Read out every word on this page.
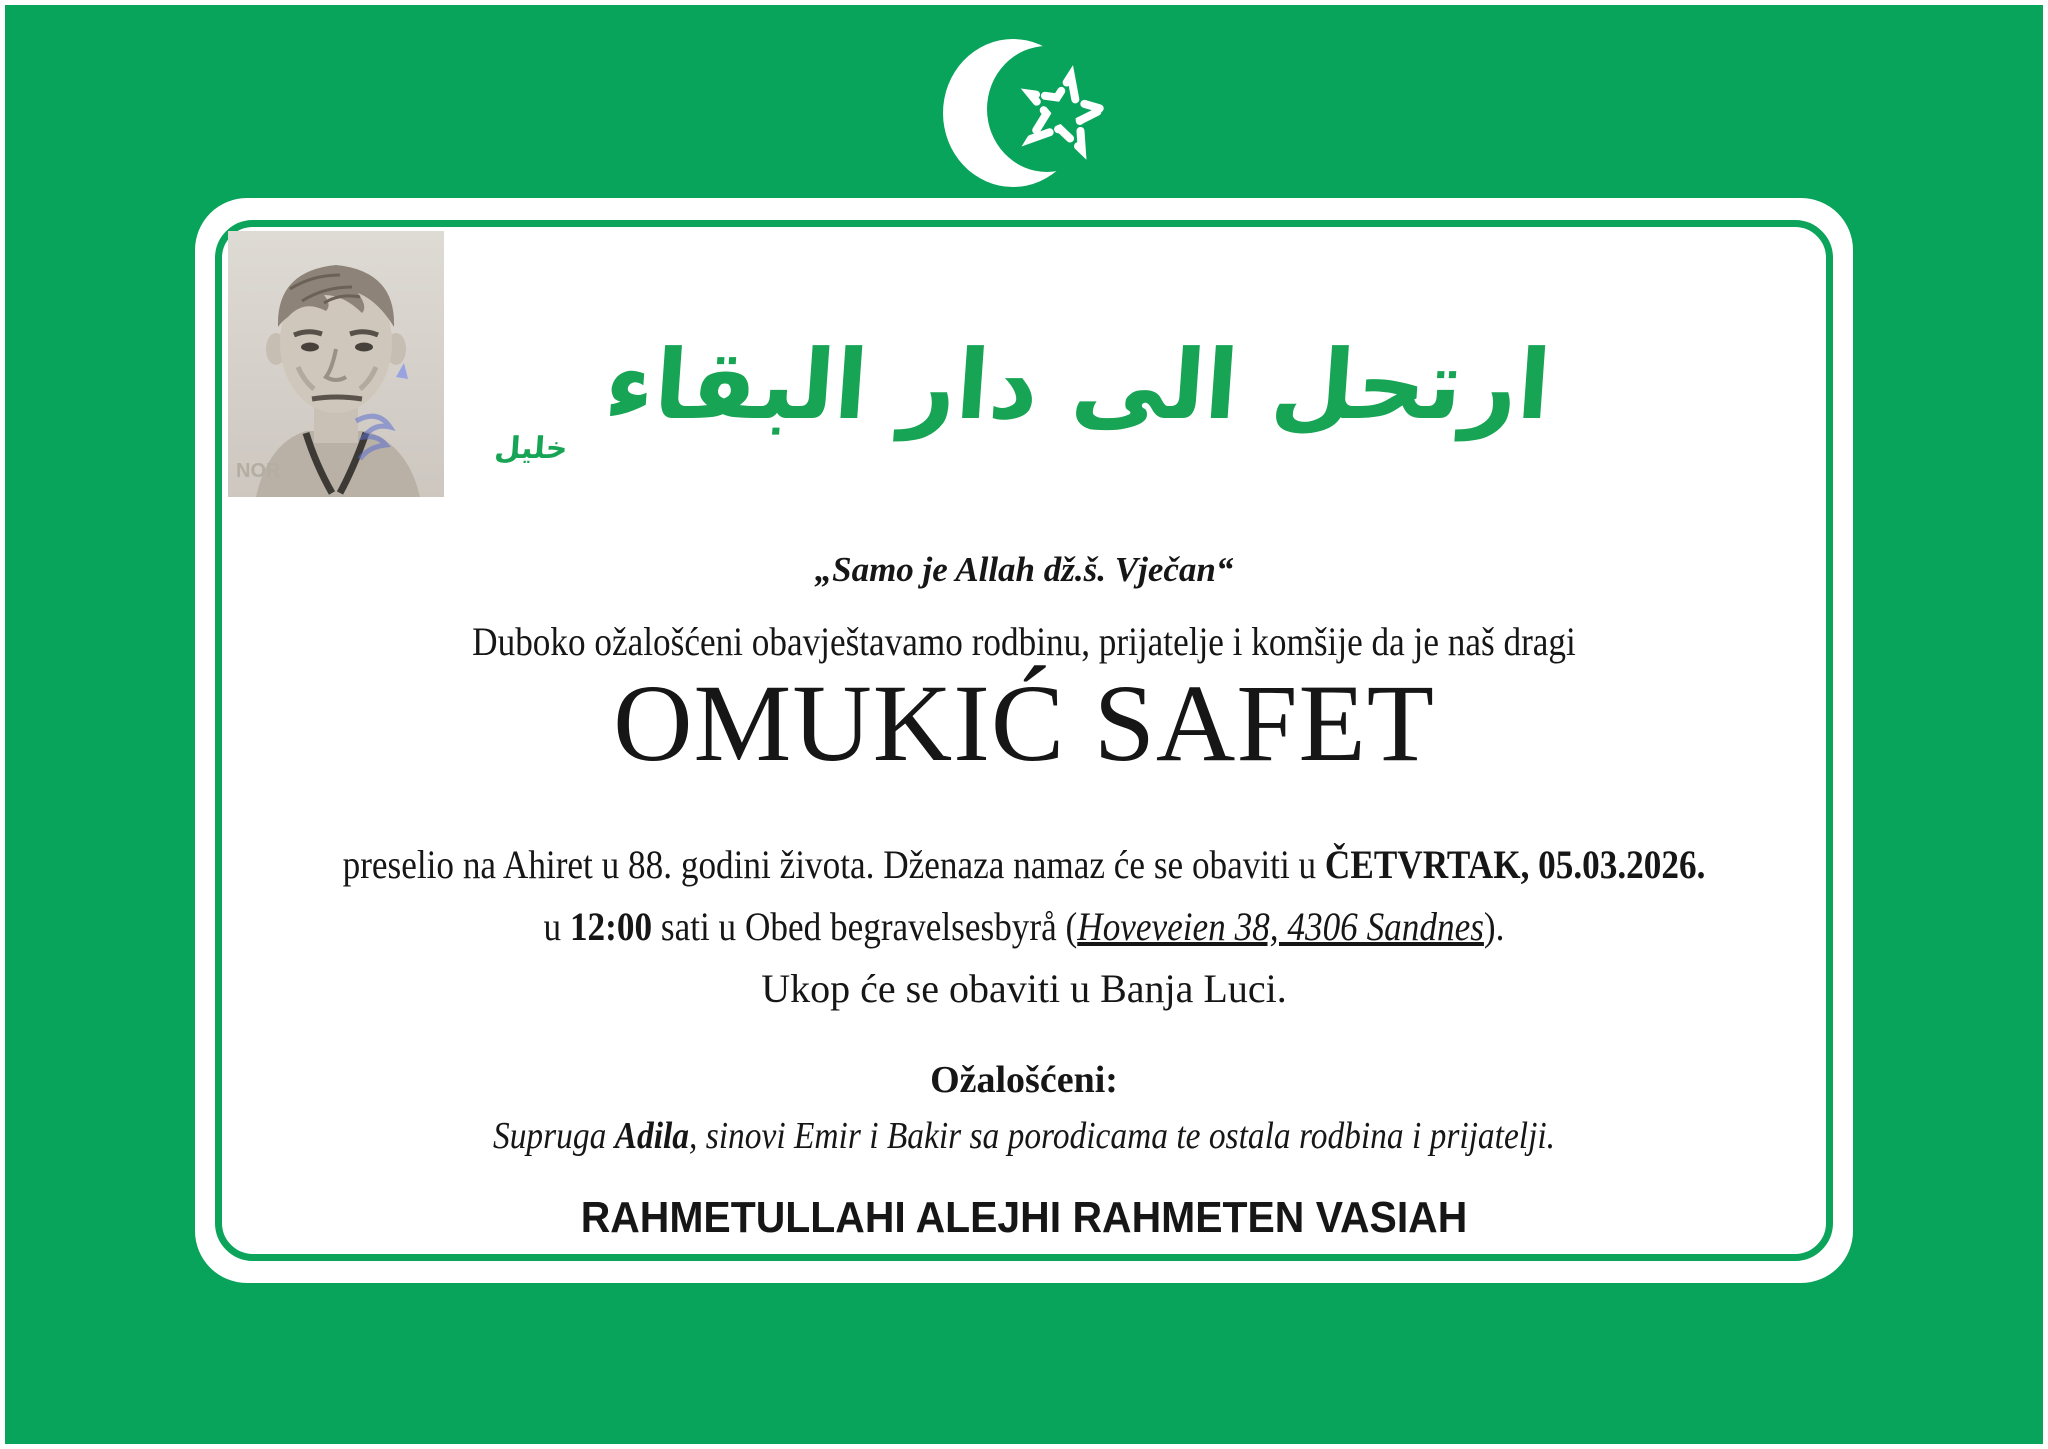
NOR
ارتحل الى دار البقاء $_{خليل}$
„Samo je Allah dž.š. Vječan“
Duboko ožalošćeni obavještavamo rodbinu, prijatelje i komšije da je naš dragi
OMUKIĆ SAFET
preselio na Ahiret u 88. godini života. Dženaza namaz će se obaviti u ČETVRTAK, 05.03.2026.
u 12:00 sati u Obed begravelsesbyrå (Hoveveien 38, 4306 Sandnes).
Ukop će se obaviti u Banja Luci.
Ožalošćeni:
Supruga Adila, sinovi Emir i Bakir sa porodicama te ostala rodbina i prijatelji.
RAHMETULLAHI ALEJHI RAHMETEN VASIAH
